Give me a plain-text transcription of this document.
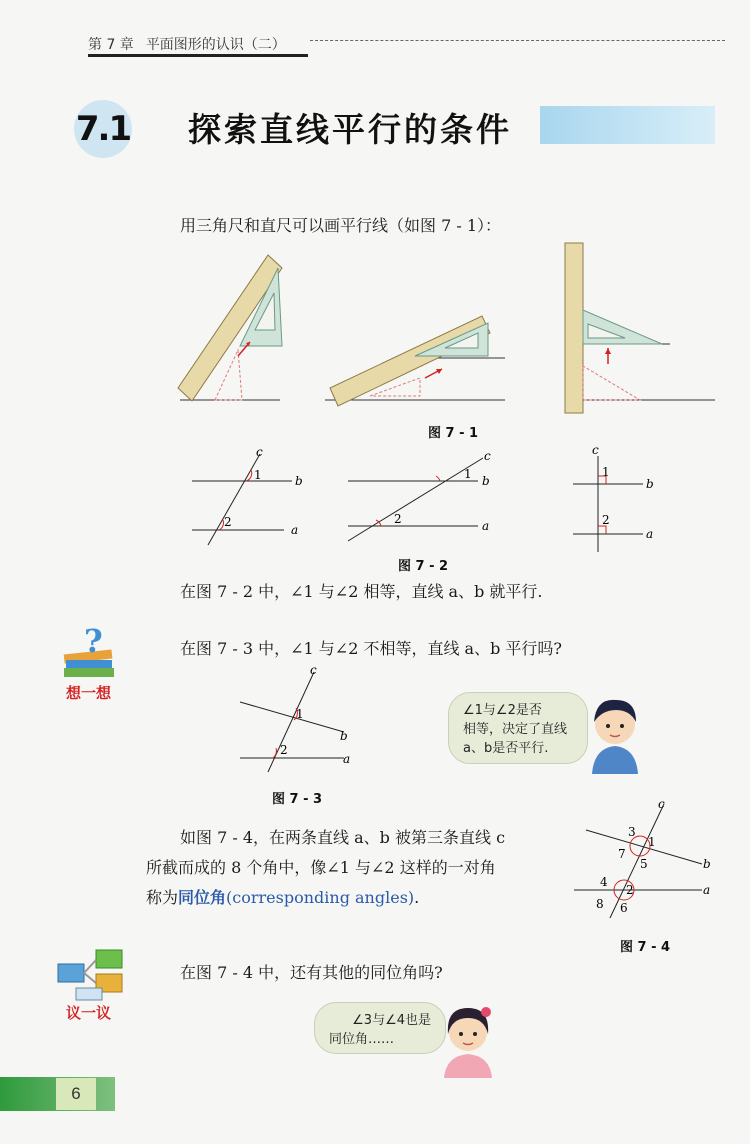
第 7 章 平面图形的认识（二）
7.1 探索直线平行的条件
用三角尺和直尺可以画平行线（如图 7 - 1）：
图 7 - 1
1
2
c
b
a
1
2
c
b
a
1
2
c
b
a
图 7 - 2
在图 7 - 2 中，∠1 与∠2 相等，直线 a、b 就平行.
?
想一想
在图 7 - 3 中，∠1 与∠2 不相等，直线 a、b 平行吗?
1
2
c
b
a
图 7 - 3
∠1与∠2是否
相等，决定了直线
a、b是否平行.
如图 7 - 4，在两条直线 a、b 被第三条直线 c
所截而成的 8 个角中，像∠1 与∠2 这样的一对角
称为同位角(corresponding angles).
3
1
7
5
4
2
8 6
c
b
a
图 7 - 4
议一议
在图 7 - 4 中，还有其他的同位角吗?
∠3与∠4也是
同位角……
6
